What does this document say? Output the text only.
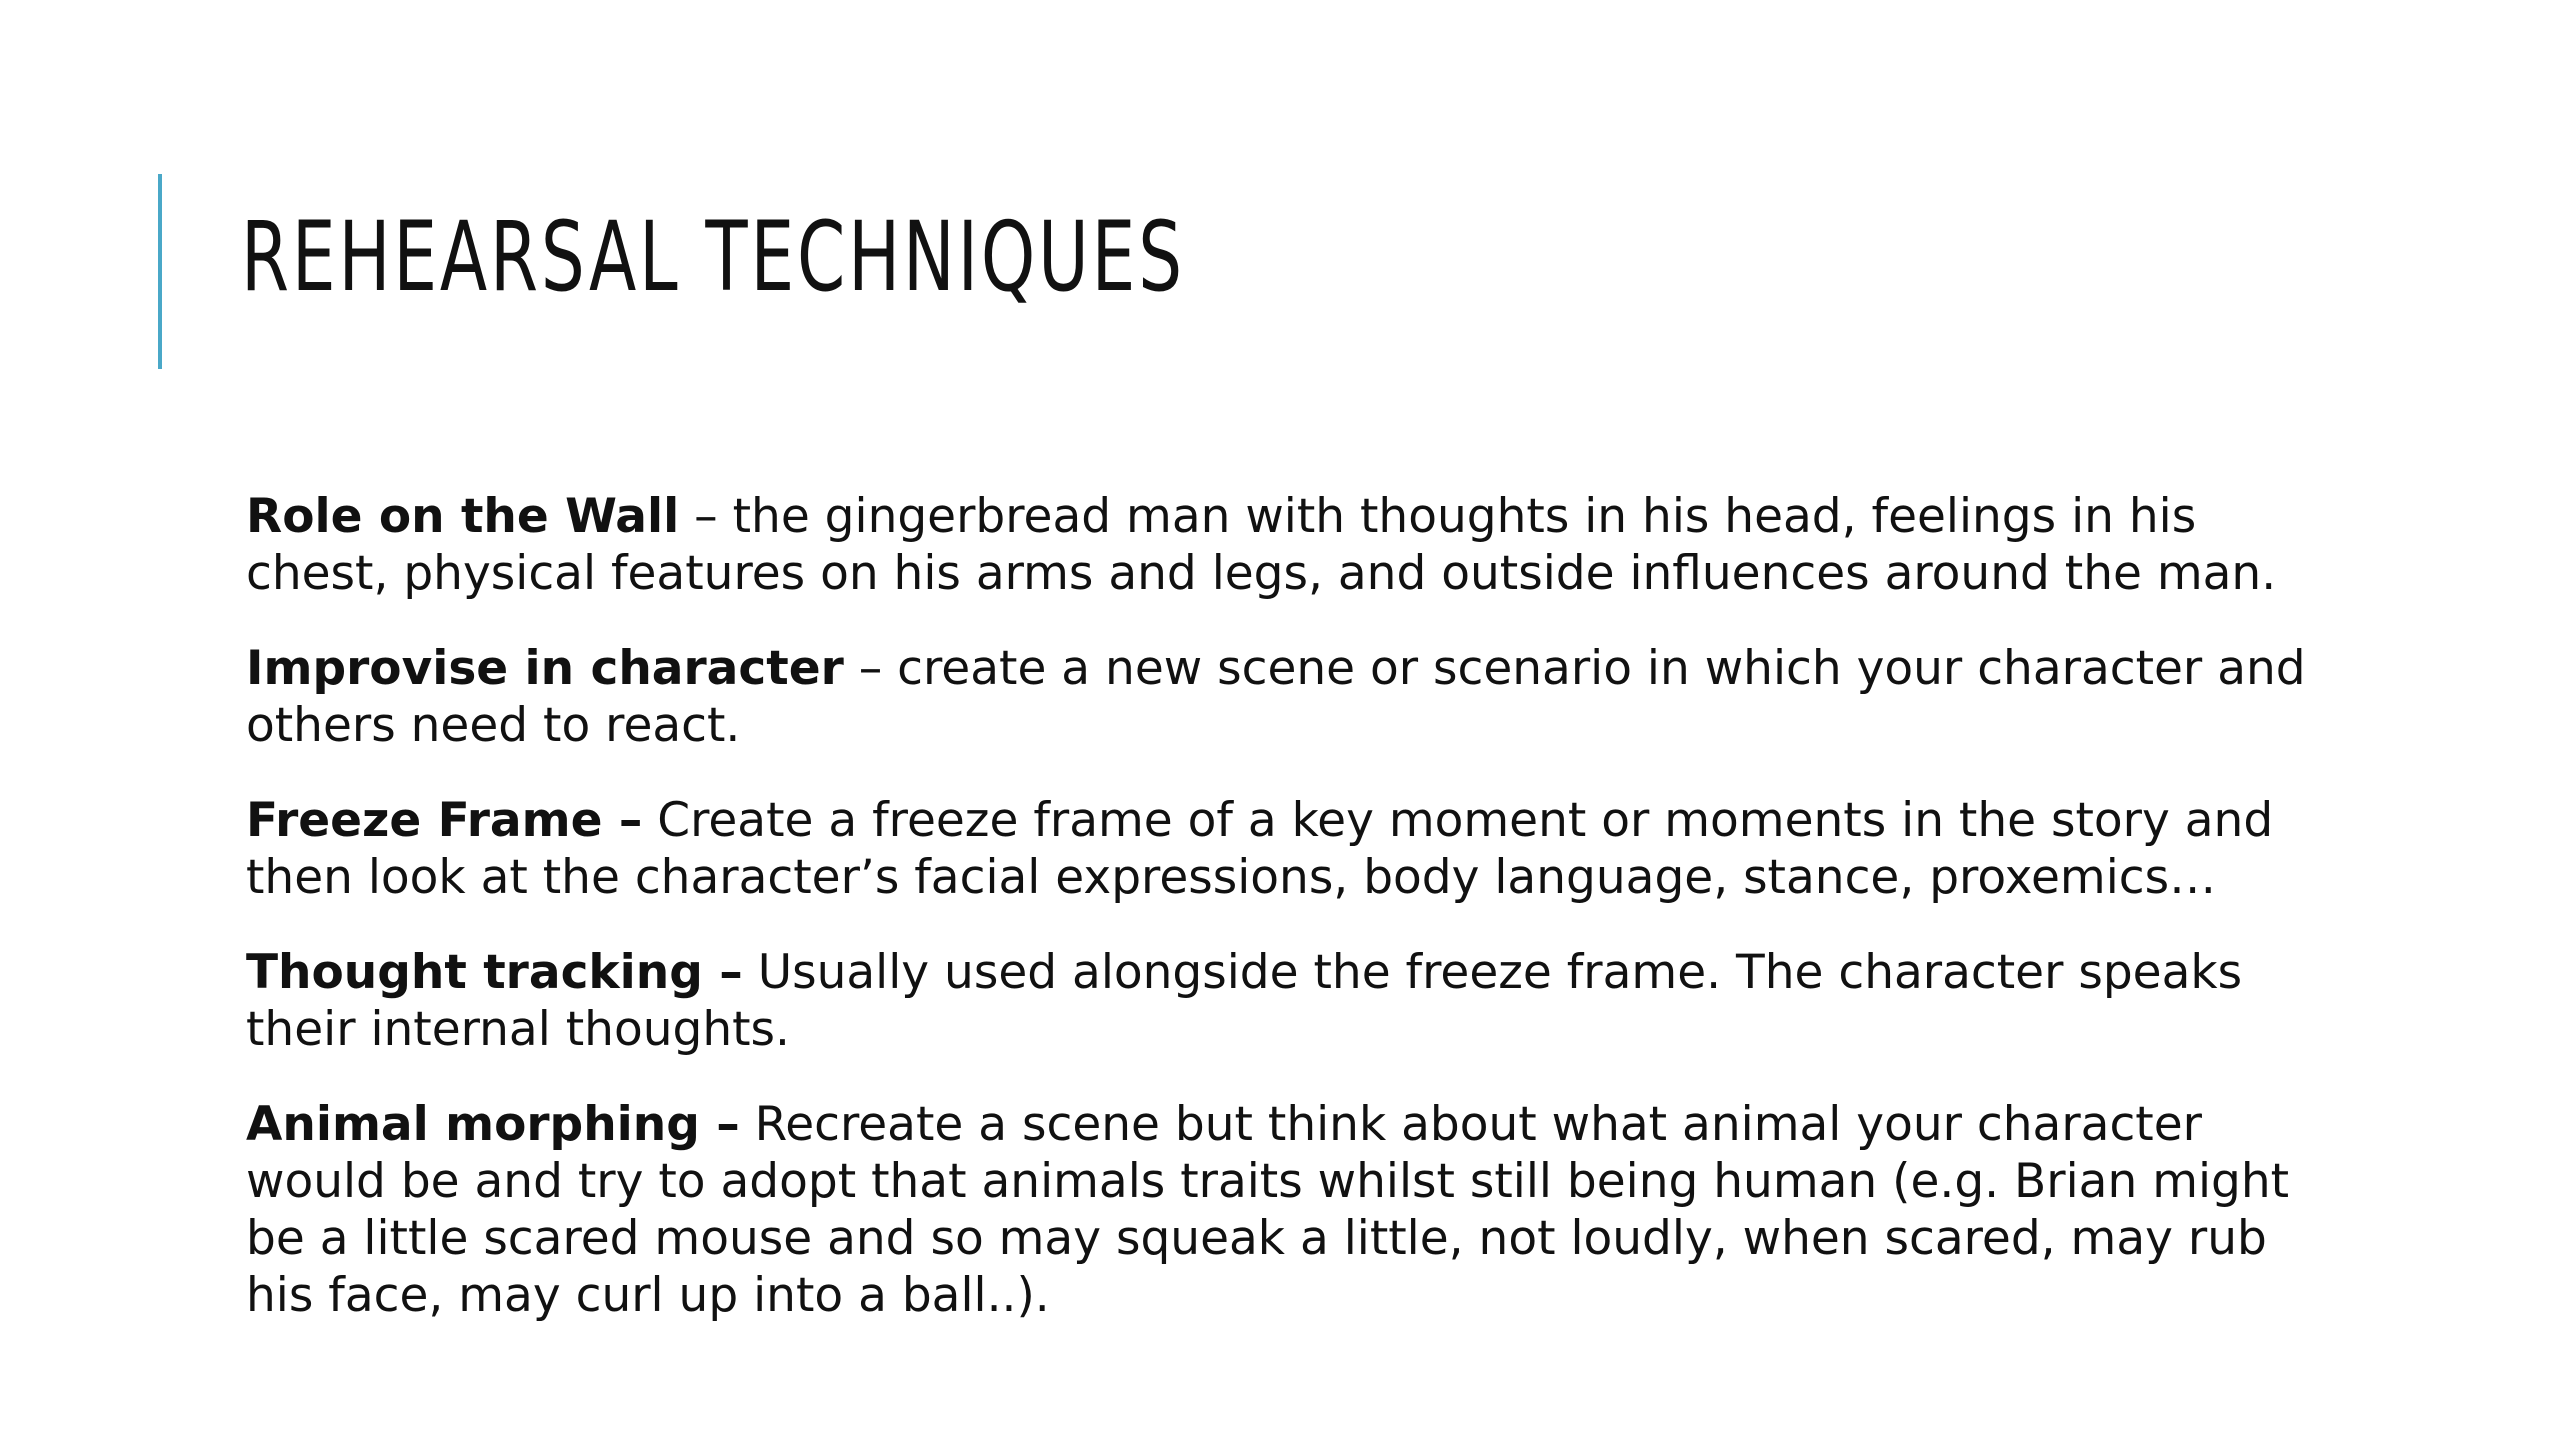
REHEARSAL TECHNIQUES

Role on the Wall – the gingerbread man with thoughts in his head, feelings in his chest, physical features on his arms and legs, and outside influences around the man.

Improvise in character – create a new scene or scenario in which your character and others need to react.

Freeze Frame – Create a freeze frame of a key moment or moments in the story and then look at the character’s facial expressions, body language, stance, proxemics…

Thought tracking – Usually used alongside the freeze frame. The character speaks their internal thoughts.

Animal morphing – Recreate a scene but think about what animal your character would be and try to adopt that animals traits whilst still being human (e.g. Brian might be a little scared mouse and so may squeak a little, not loudly, when scared, may rub his face, may curl up into a ball..).
